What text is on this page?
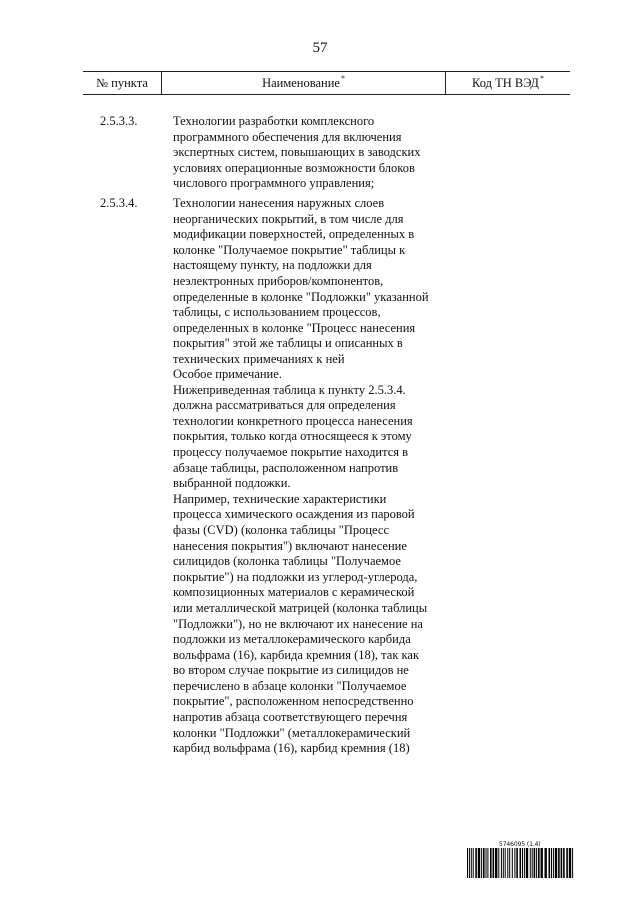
57
№ пункта	Наименование*	Код ТН ВЭД*
2.5.3.3.	Технологии разработки комплексного
программного обеспечения для включения
экспертных систем, повышающих в заводских
условиях операционные возможности блоков
числового программного управления;
2.5.3.4.	Технологии нанесения наружных слоев
неорганических покрытий, в том числе для
модификации поверхностей, определенных в
колонке "Получаемое покрытие" таблицы к
настоящему пункту, на подложки для
неэлектронных приборов/компонентов,
определенные в колонке "Подложки" указанной
таблицы, с использованием процессов,
определенных в колонке "Процесс нанесения
покрытия" этой же таблицы и описанных в
технических примечаниях к ней
Особое примечание.
Нижеприведенная таблица к пункту 2.5.3.4.
должна рассматриваться для определения
технологии конкретного процесса нанесения
покрытия, только когда относящееся к этому
процессу получаемое покрытие находится в
абзаце таблицы, расположенном напротив
выбранной подложки.
Например, технические характеристики
процесса химического осаждения из паровой
фазы (CVD) (колонка таблицы "Процесс
нанесения покрытия") включают нанесение
силицидов (колонка таблицы "Получаемое
покрытие") на подложки из углерод-углерода,
композиционных материалов с керамической
или металлической матрицей (колонка таблицы
"Подложки"), но не включают их нанесение на
подложки из металлокерамического карбида
вольфрама (16), карбида кремния (18), так как
во втором случае покрытие из силицидов не
перечислено в абзаце колонки "Получаемое
покрытие", расположенном непосредственно
напротив абзаца соответствующего перечня
колонки "Подложки" (металлокерамический
карбид вольфрама (16), карбид кремния (18)
5746095 (1.4)
